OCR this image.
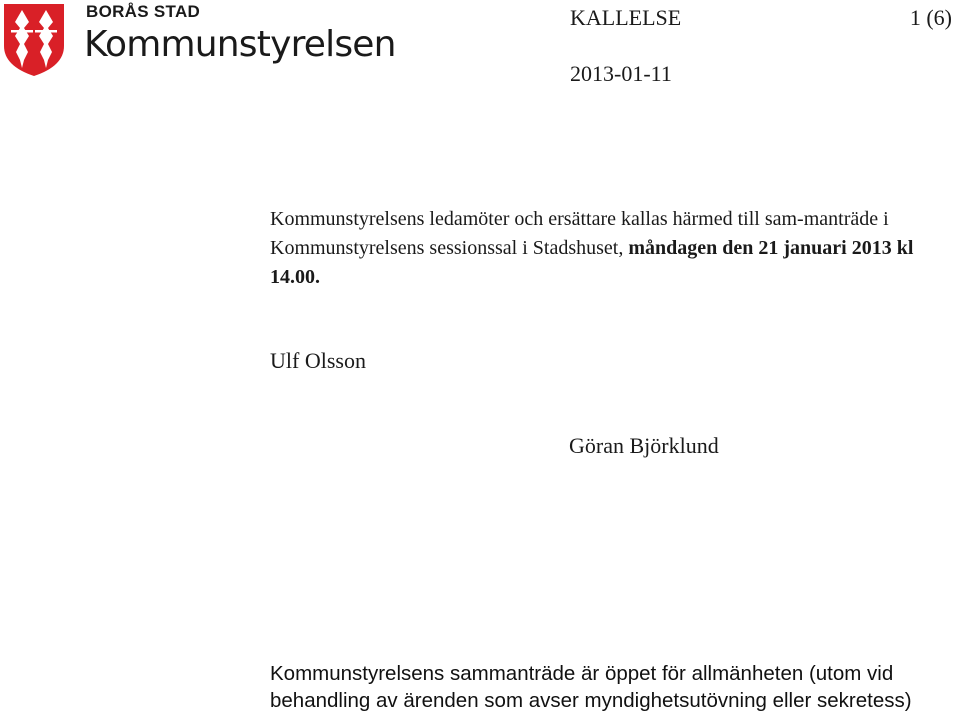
BORÅS STAD
Kommunstyrelsen
KALLELSE	1 (6)
2013-01-11
Kommunstyrelsens ledamöter och ersättare kallas härmed till sam-manträde i Kommunstyrelsens sessionssal i Stadshuset, måndagen den 21 januari 2013 kl 14.00.
Ulf Olsson
Göran Björklund
Kommunstyrelsens sammanträde är öppet för allmänheten (utom vid
behandling av ärenden som avser myndighetsutövning eller sekretess)
